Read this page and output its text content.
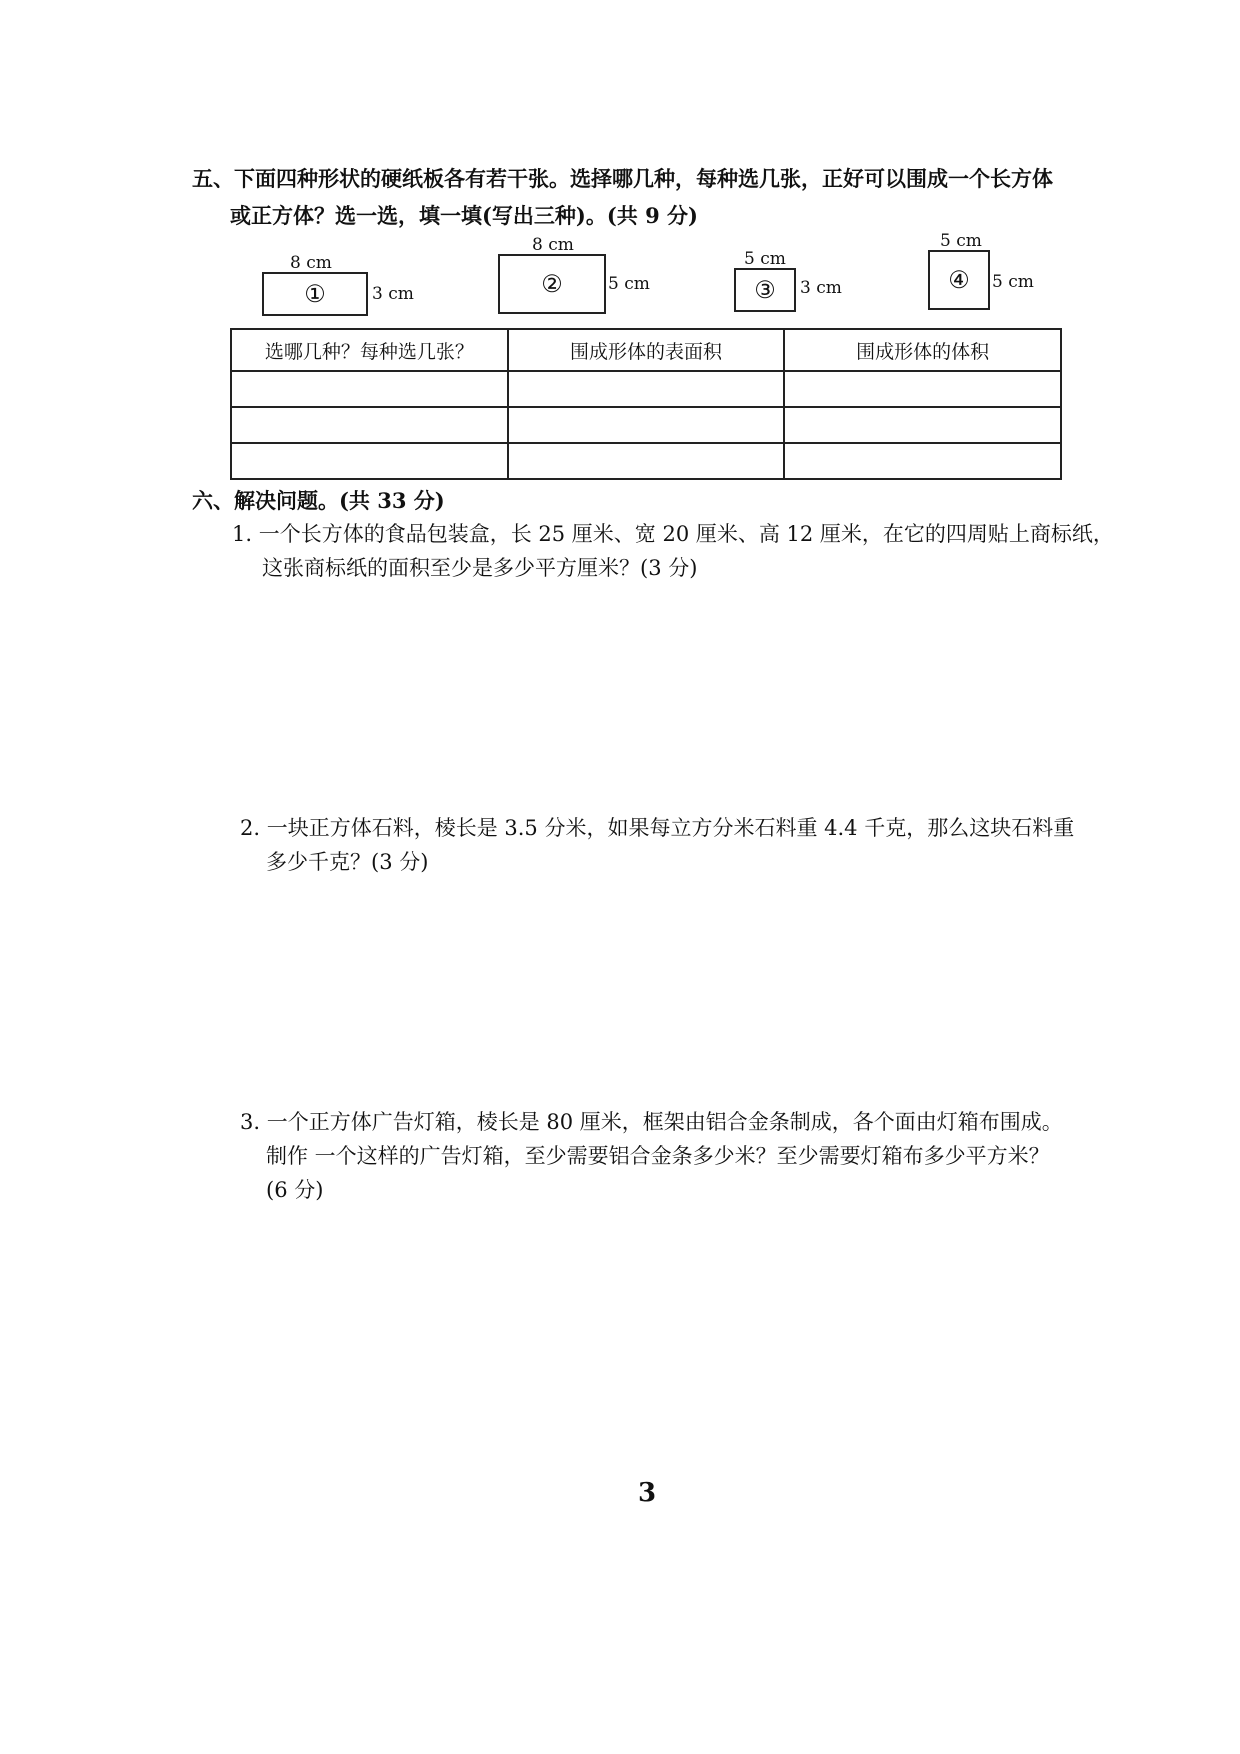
五、下面四种形状的硬纸板各有若干张。选择哪几种，每种选几张，正好可以围成一个长方体
或正方体？选一选，填一填(写出三种)。(共 9 分)
8 cm
①	3 cm
8 cm
②	5 cm
5 cm
③ 3 cm
5 cm
④ 5 cm
选哪几种？每种选几张？	围成形体的表面积	围成形体的体积

六、解决问题。(共 33 分)
1. 一个长方体的食品包装盒，长 25 厘米、宽 20 厘米、高 12 厘米，在它的四周贴上商标纸，
这张商标纸的面积至少是多少平方厘米？(3 分)
2. 一块正方体石料，棱长是 3.5 分米，如果每立方分米石料重 4.4 千克，那么这块石料重
多少千克？(3 分)
3. 一个正方体广告灯箱，棱长是 80 厘米，框架由铝合金条制成，各个面由灯箱布围成。
制作 一个这样的广告灯箱，至少需要铝合金条多少米？至少需要灯箱布多少平方米？
(6 分)
3
